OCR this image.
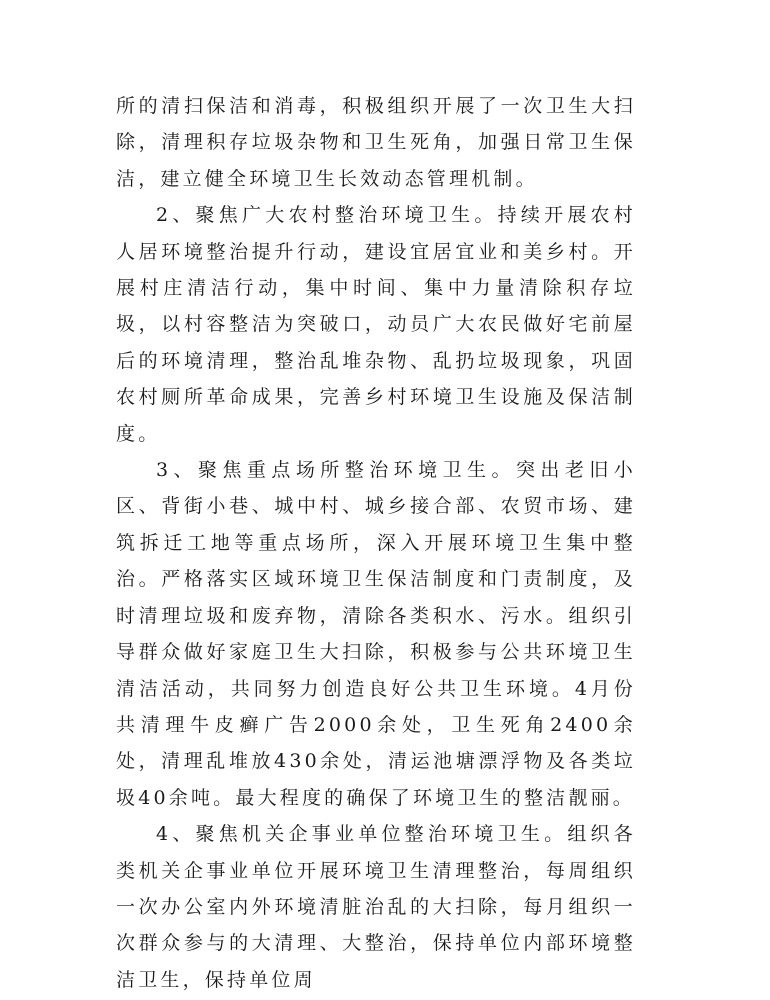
所的清扫保洁和消毒，积极组织开展了一次卫生大扫除，清理积存垃圾杂物和卫生死角，加强日常卫生保洁，建立健全环境卫生长效动态管理机制。

2、聚焦广大农村整治环境卫生。持续开展农村人居环境整治提升行动，建设宜居宜业和美乡村。开展村庄清洁行动，集中时间、集中力量清除积存垃圾，以村容整洁为突破口，动员广大农民做好宅前屋后的环境清理，整治乱堆杂物、乱扔垃圾现象，巩固农村厕所革命成果，完善乡村环境卫生设施及保洁制度。

3、聚焦重点场所整治环境卫生。突出老旧小区、背街小巷、城中村、城乡接合部、农贸市场、建筑拆迁工地等重点场所，深入开展环境卫生集中整治。严格落实区域环境卫生保洁制度和门责制度，及时清理垃圾和废弃物，清除各类积水、污水。组织引导群众做好家庭卫生大扫除，积极参与公共环境卫生清洁活动，共同努力创造良好公共卫生环境。4月份共清理牛皮癣广告2000余处，卫生死角2400余处，清理乱堆放430余处，清运池塘漂浮物及各类垃圾40余吨。最大程度的确保了环境卫生的整洁靓丽。

4、聚焦机关企事业单位整治环境卫生。组织各类机关企事业单位开展环境卫生清理整治，每周组织一次办公室内外环境清脏治乱的大扫除，每月组织一次群众参与的大清理、大整治，保持单位内部环境整洁卫生，保持单位周
